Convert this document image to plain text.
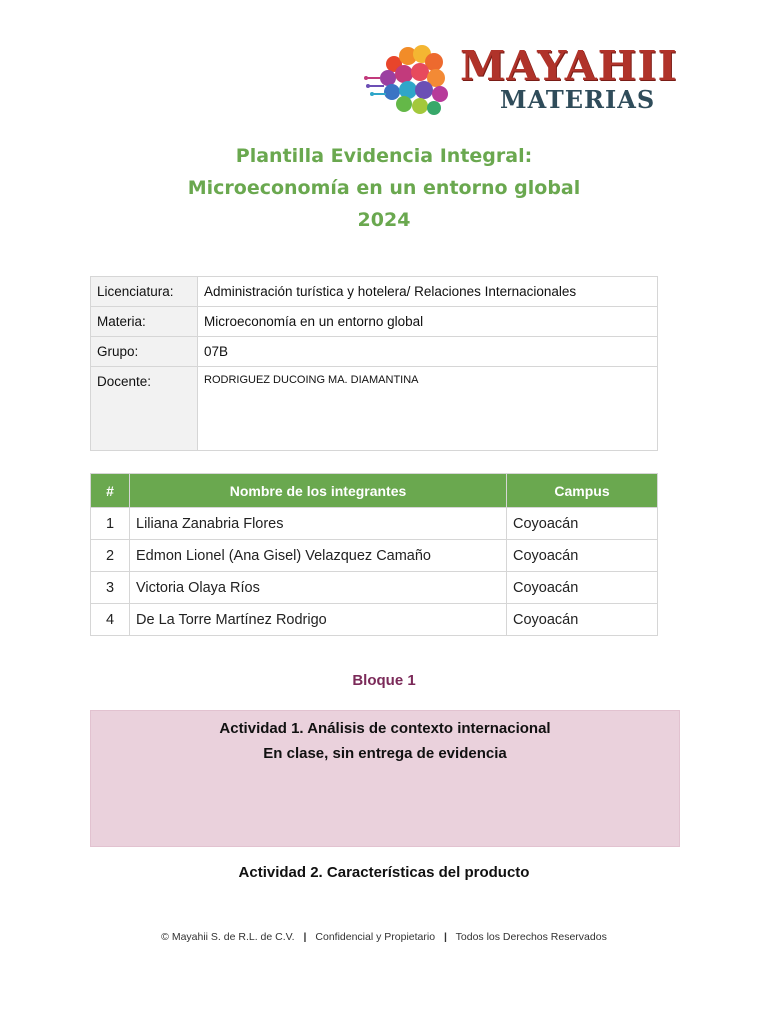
MAYAHII
MATERIAS
Plantilla Evidencia Integral:
Microeconomía en un entorno global
2024
Licenciatura:	Administración turística y hotelera/ Relaciones Internacionales
Materia:	Microeconomía en un entorno global
Grupo:	07B
Docente:	RODRIGUEZ DUCOING MA. DIAMANTINA
#	Nombre de los integrantes	Campus
1	Liliana Zanabria Flores	Coyoacán
2	Edmon Lionel (Ana Gisel) Velazquez Camaño	Coyoacán
3	Victoria Olaya Ríos	Coyoacán
4	De La Torre Martínez Rodrigo	Coyoacán
Bloque 1
Actividad 1. Análisis de contexto internacional
En clase, sin entrega de evidencia
Actividad 2. Características del producto
© Mayahii S. de R.L. de C.V. | Confidencial y Propietario | Todos los Derechos Reservados
